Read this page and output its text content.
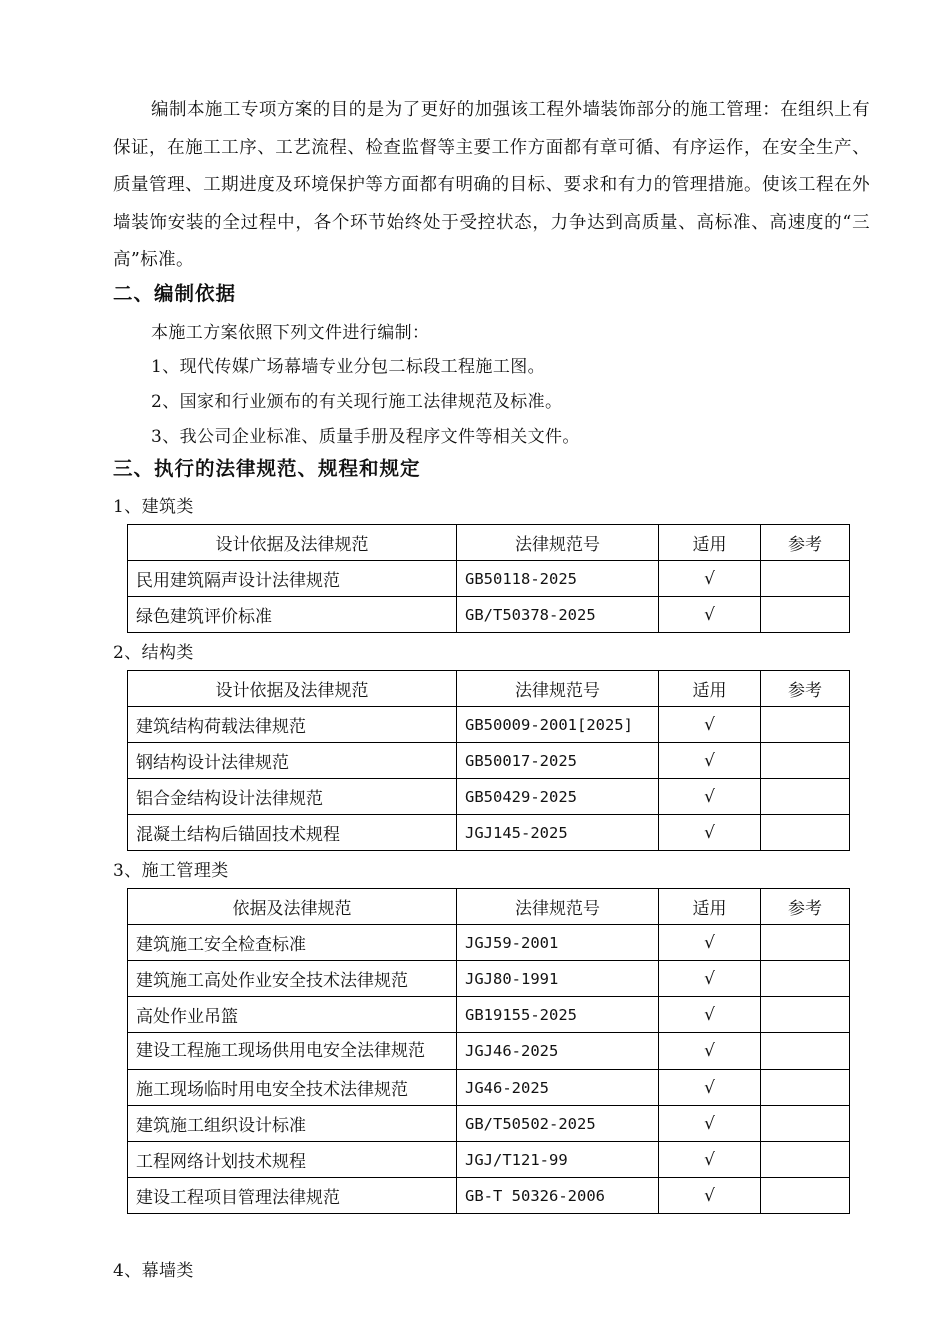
编制本施工专项方案的目的是为了更好的加强该工程外墙装饰部分的施工管理：在组织上有保证，在施工工序、工艺流程、检查监督等主要工作方面都有章可循、有序运作，在安全生产、质量管理、工期进度及环境保护等方面都有明确的目标、要求和有力的管理措施。使该工程在外墙装饰安装的全过程中，各个环节始终处于受控状态，力争达到高质量、高标准、高速度的“三高”标准。

二、编制依据

本施工方案依照下列文件进行编制：

1、现代传媒广场幕墙专业分包二标段工程施工图。

2、国家和行业颁布的有关现行施工法律规范及标准。

3、我公司企业标准、质量手册及程序文件等相关文件。

三、执行的法律规范、规程和规定

1、建筑类

设计依据及法律规范	法律规范号	适用	参考
民用建筑隔声设计法律规范	GB50118-2025	√	
绿色建筑评价标准	GB/T50378-2025	√	

2、结构类

设计依据及法律规范	法律规范号	适用	参考
建筑结构荷载法律规范	GB50009-2001[2025]	√	
钢结构设计法律规范	GB50017-2025	√	
铝合金结构设计法律规范	GB50429-2025	√	
混凝土结构后锚固技术规程	JGJ145-2025	√	

3、施工管理类

依据及法律规范	法律规范号	适用	参考
建筑施工安全检查标准	JGJ59-2001	√	
建筑施工高处作业安全技术法律规范	JGJ80-1991	√	
高处作业吊篮	GB19155-2025	√	
建设工程施工现场供用电安全法律规范	JGJ46-2025	√	
施工现场临时用电安全技术法律规范	JG46-2025	√	
建筑施工组织设计标准	GB/T50502-2025	√	
工程网络计划技术规程	JGJ/T121-99	√	
建设工程项目管理法律规范	GB-T 50326-2006	√	

4、幕墙类
